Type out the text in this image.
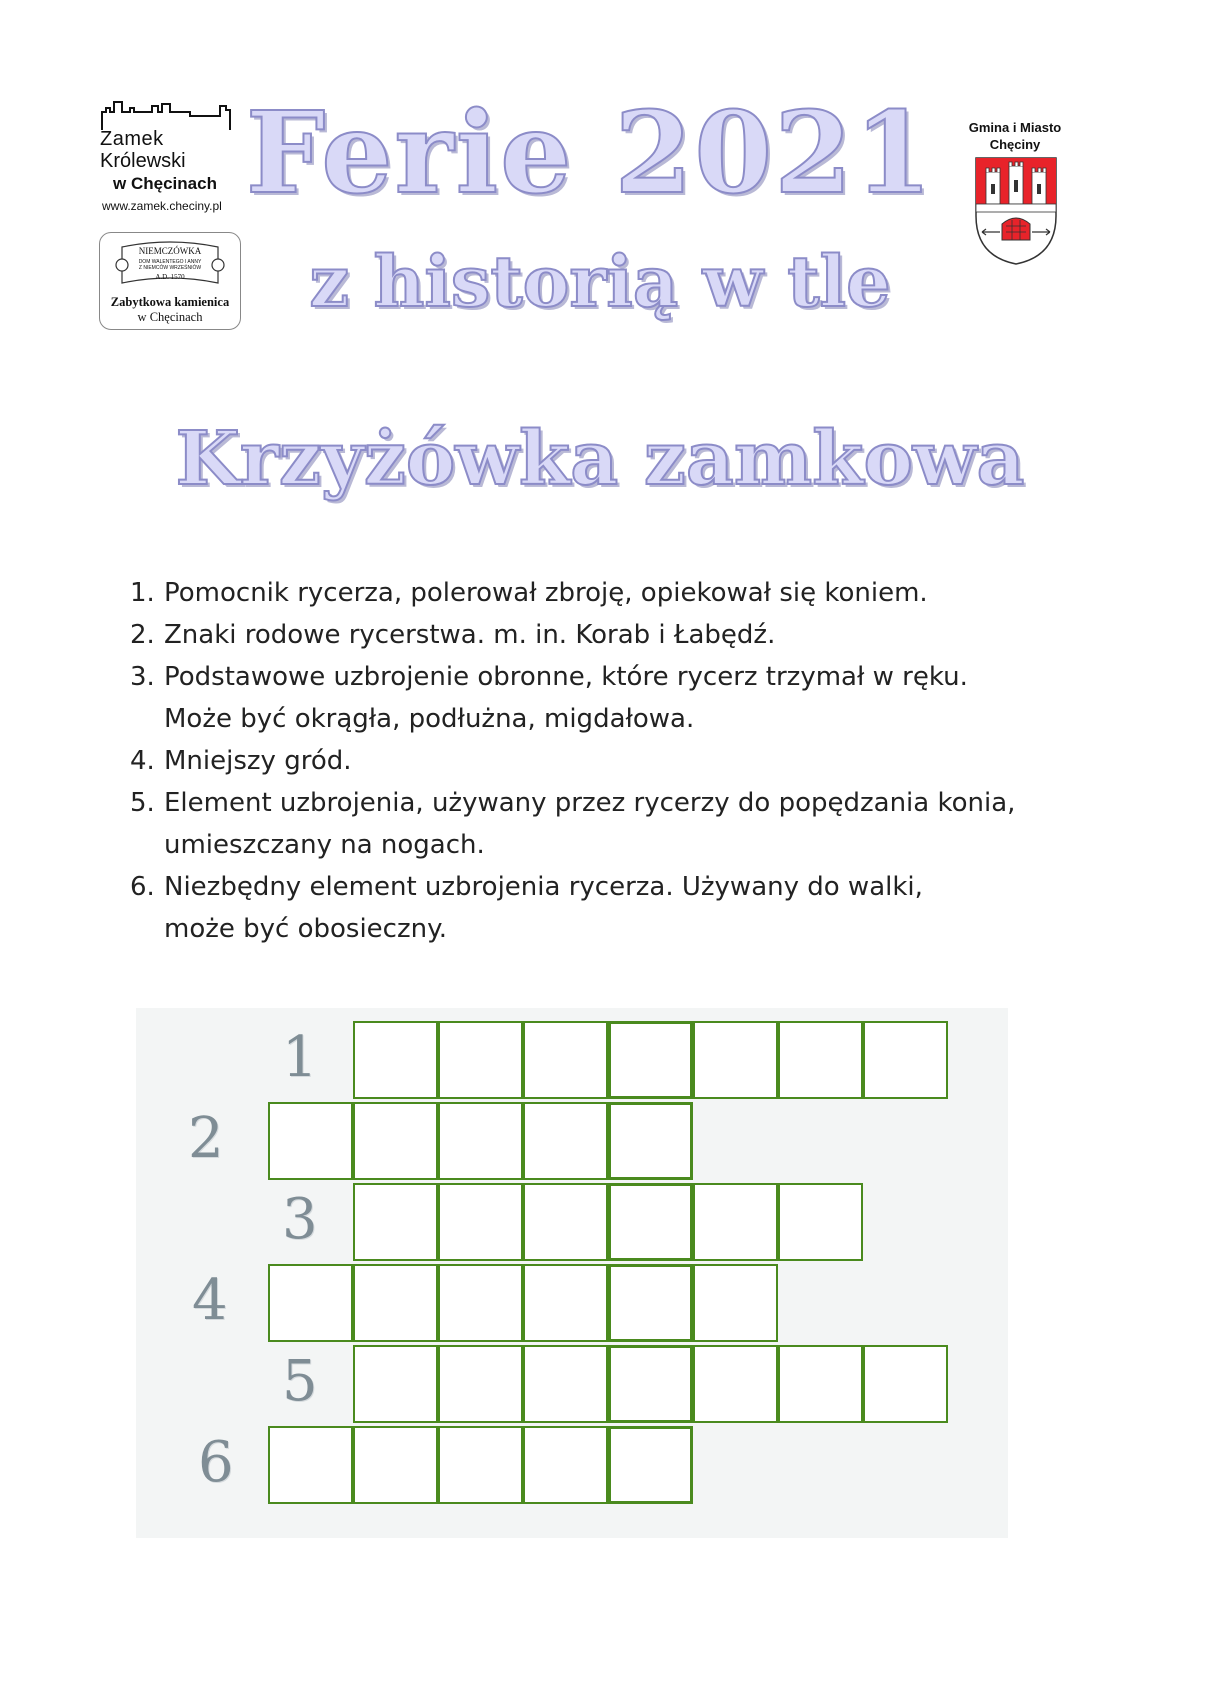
Zamek
Królewski
w Chęcinach
www.zamek.checiny.pl
NIEMCZÓWKA
DOM WALENTEGO I ANNY
Z NIEMCÓW WRZEŚNIÓW
A.D. 1570
Zabytkowa kamienica
w Chęcinach
Gmina i Miasto
Chęciny
Ferie 2021
z historią w tle
Krzyżówka zamkowa
1. Pomocnik rycerza, polerował zbroję, opiekował się koniem.
2. Znaki rodowe rycerstwa. m. in. Korab i Łabędź.
3. Podstawowe uzbrojenie obronne, które rycerz trzymał w ręku.
Może być okrągła, podłużna, migdałowa.
4. Mniejszy gród.
5. Element uzbrojenia, używany przez rycerzy do popędzania konia,
umieszczany na nogach.
6. Niezbędny element uzbrojenia rycerza. Używany do walki,
może być obosieczny.
1
2
3
4
5
6
